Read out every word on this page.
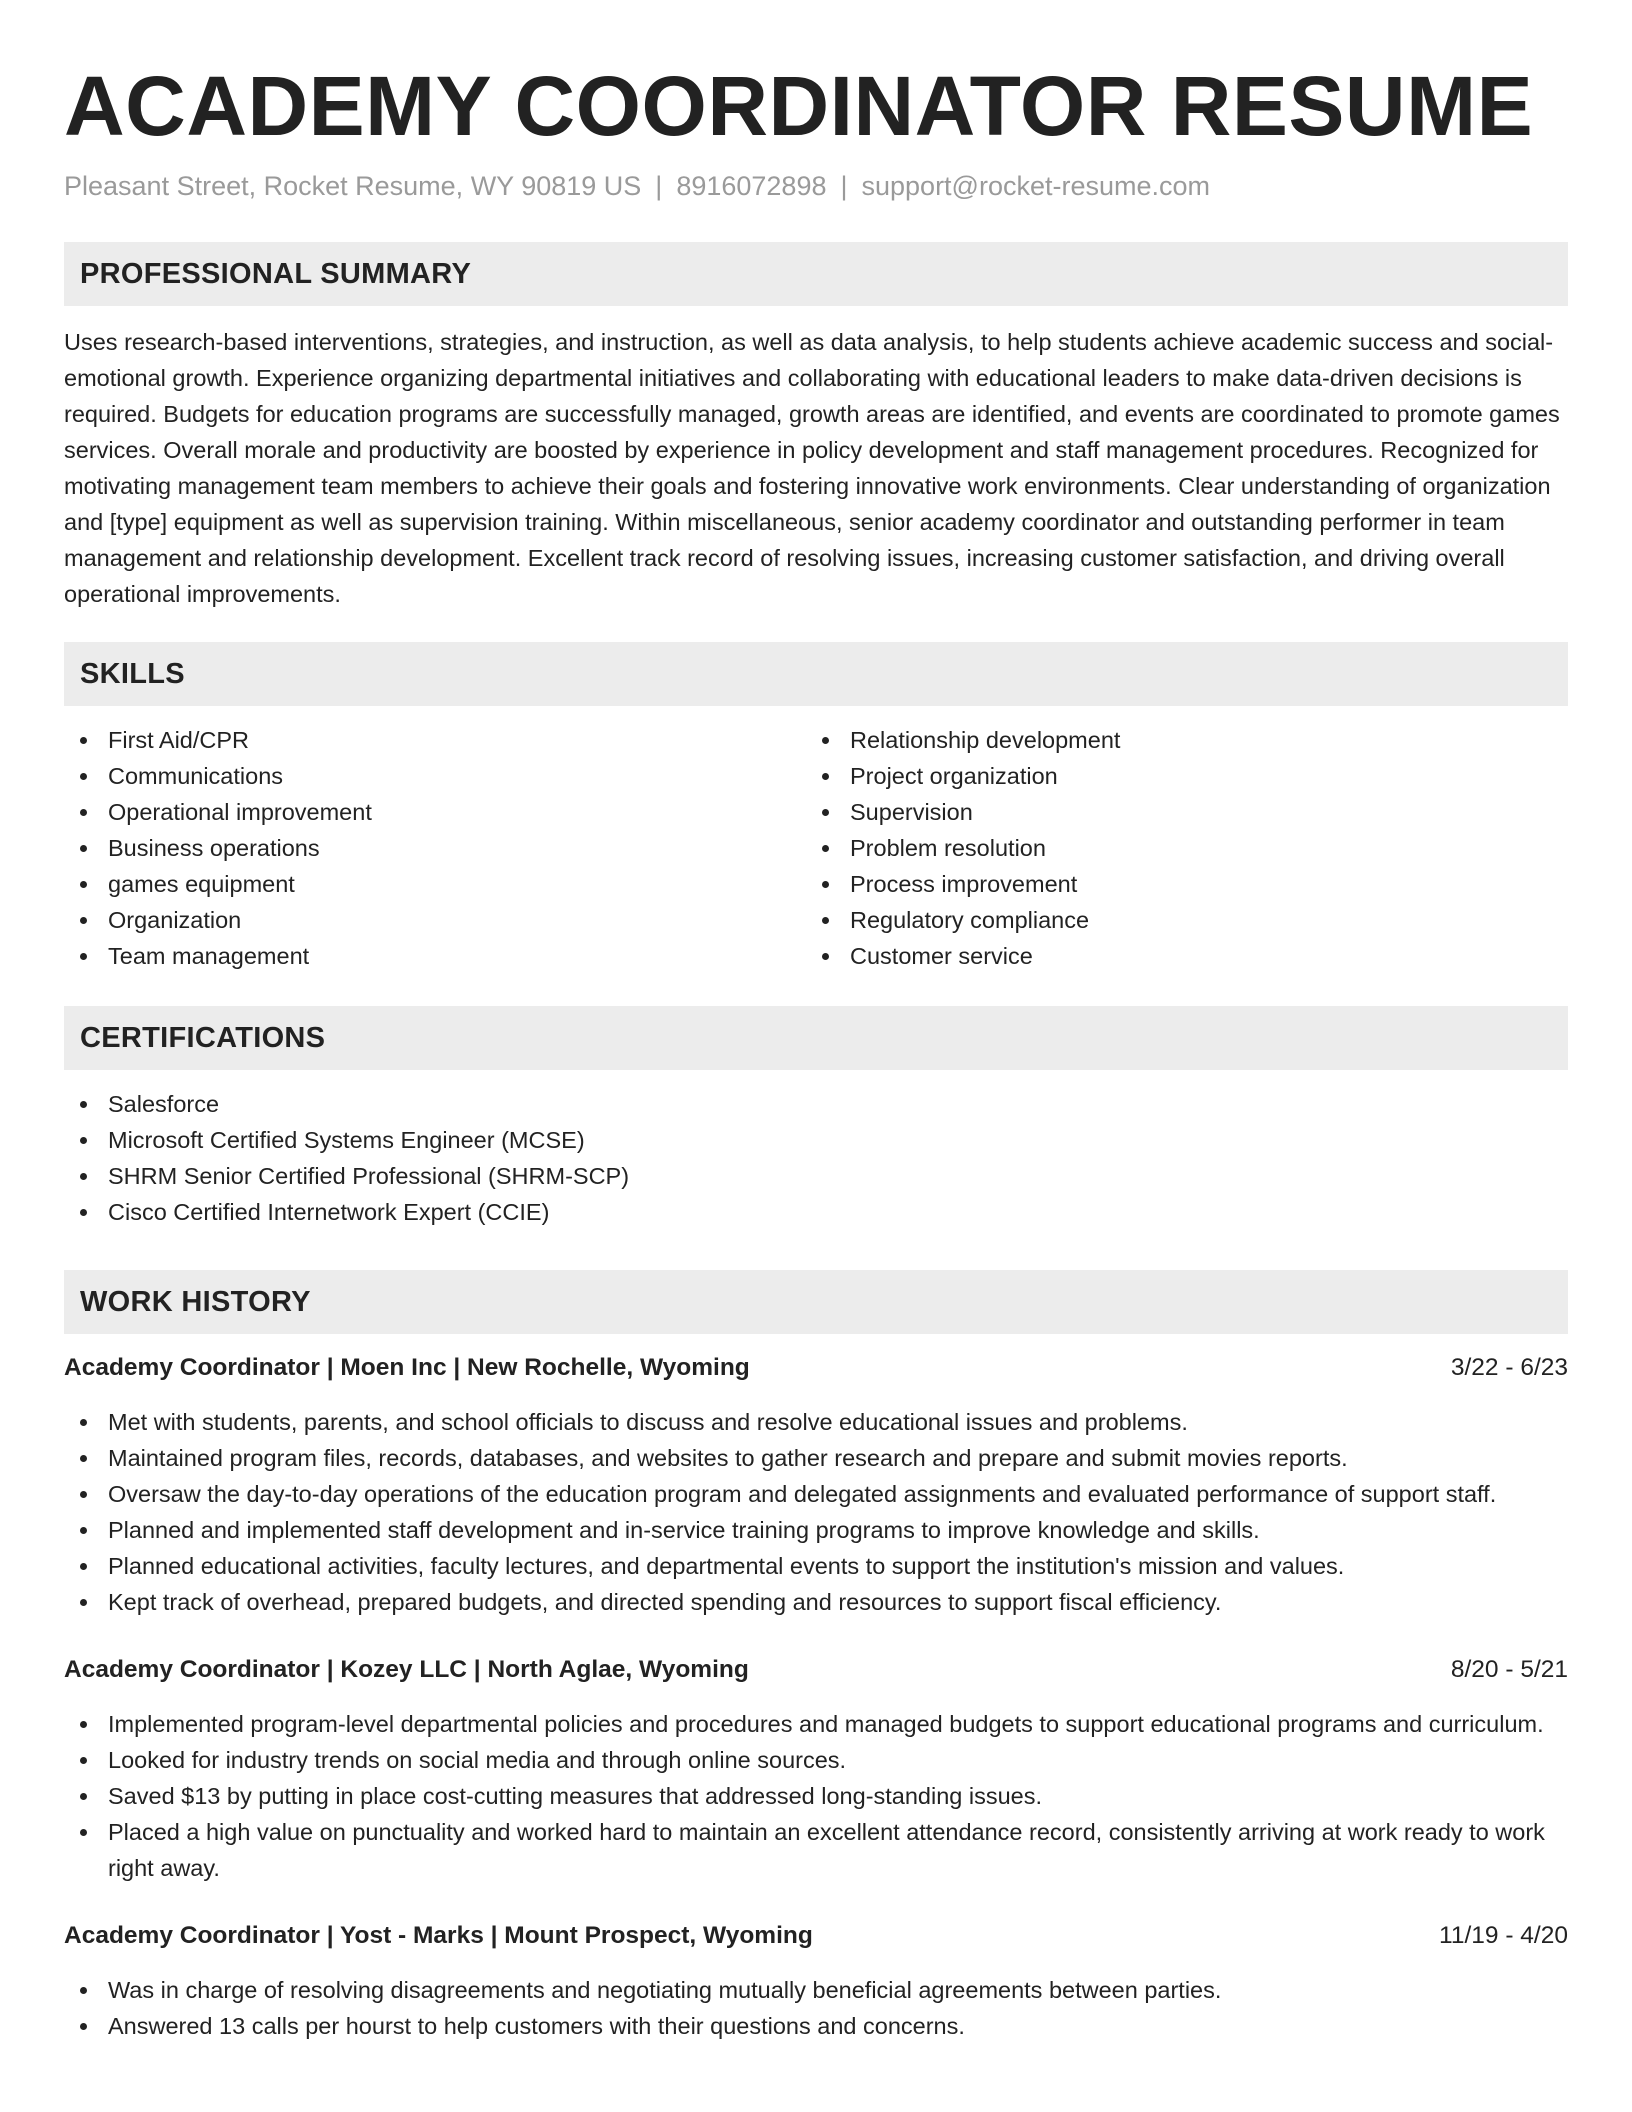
ACADEMY COORDINATOR RESUME
Pleasant Street, Rocket Resume, WY 90819 US | 8916072898 | support@rocket-resume.com
PROFESSIONAL SUMMARY

Uses research-based interventions, strategies, and instruction, as well as data analysis, to help students achieve academic success and social-emotional growth. Experience organizing departmental initiatives and collaborating with educational leaders to make data-driven decisions is required. Budgets for education programs are successfully managed, growth areas are identified, and events are coordinated to promote games services. Overall morale and productivity are boosted by experience in policy development and staff management procedures. Recognized for motivating management team members to achieve their goals and fostering innovative work environments. Clear understanding of organization and [type] equipment as well as supervision training. Within miscellaneous, senior academy coordinator and outstanding performer in team management and relationship development. Excellent track record of resolving issues, increasing customer satisfaction, and driving overall operational improvements.

SKILLS
First Aid/CPR
Communications
Operational improvement
Business operations
games equipment
Organization
Team management
Relationship development
Project organization
Supervision
Problem resolution
Process improvement
Regulatory compliance
Customer service
CERTIFICATIONS
Salesforce
Microsoft Certified Systems Engineer (MCSE)
SHRM Senior Certified Professional (SHRM-SCP)
Cisco Certified Internetwork Expert (CCIE)
WORK HISTORY
Academy Coordinator | Moen Inc | New Rochelle, Wyoming	3/22 - 6/23
Met with students, parents, and school officials to discuss and resolve educational issues and problems.
Maintained program files, records, databases, and websites to gather research and prepare and submit movies reports.
Oversaw the day-to-day operations of the education program and delegated assignments and evaluated performance of support staff.
Planned and implemented staff development and in-service training programs to improve knowledge and skills.
Planned educational activities, faculty lectures, and departmental events to support the institution's mission and values.
Kept track of overhead, prepared budgets, and directed spending and resources to support fiscal efficiency.
Academy Coordinator | Kozey LLC | North Aglae, Wyoming	8/20 - 5/21
Implemented program-level departmental policies and procedures and managed budgets to support educational programs and curriculum.
Looked for industry trends on social media and through online sources.
Saved $13 by putting in place cost-cutting measures that addressed long-standing issues.
Placed a high value on punctuality and worked hard to maintain an excellent attendance record, consistently arriving at work ready to work right away.
Academy Coordinator | Yost - Marks | Mount Prospect, Wyoming	11/19 - 4/20
Was in charge of resolving disagreements and negotiating mutually beneficial agreements between parties.
Answered 13 calls per hourst to help customers with their questions and concerns.
